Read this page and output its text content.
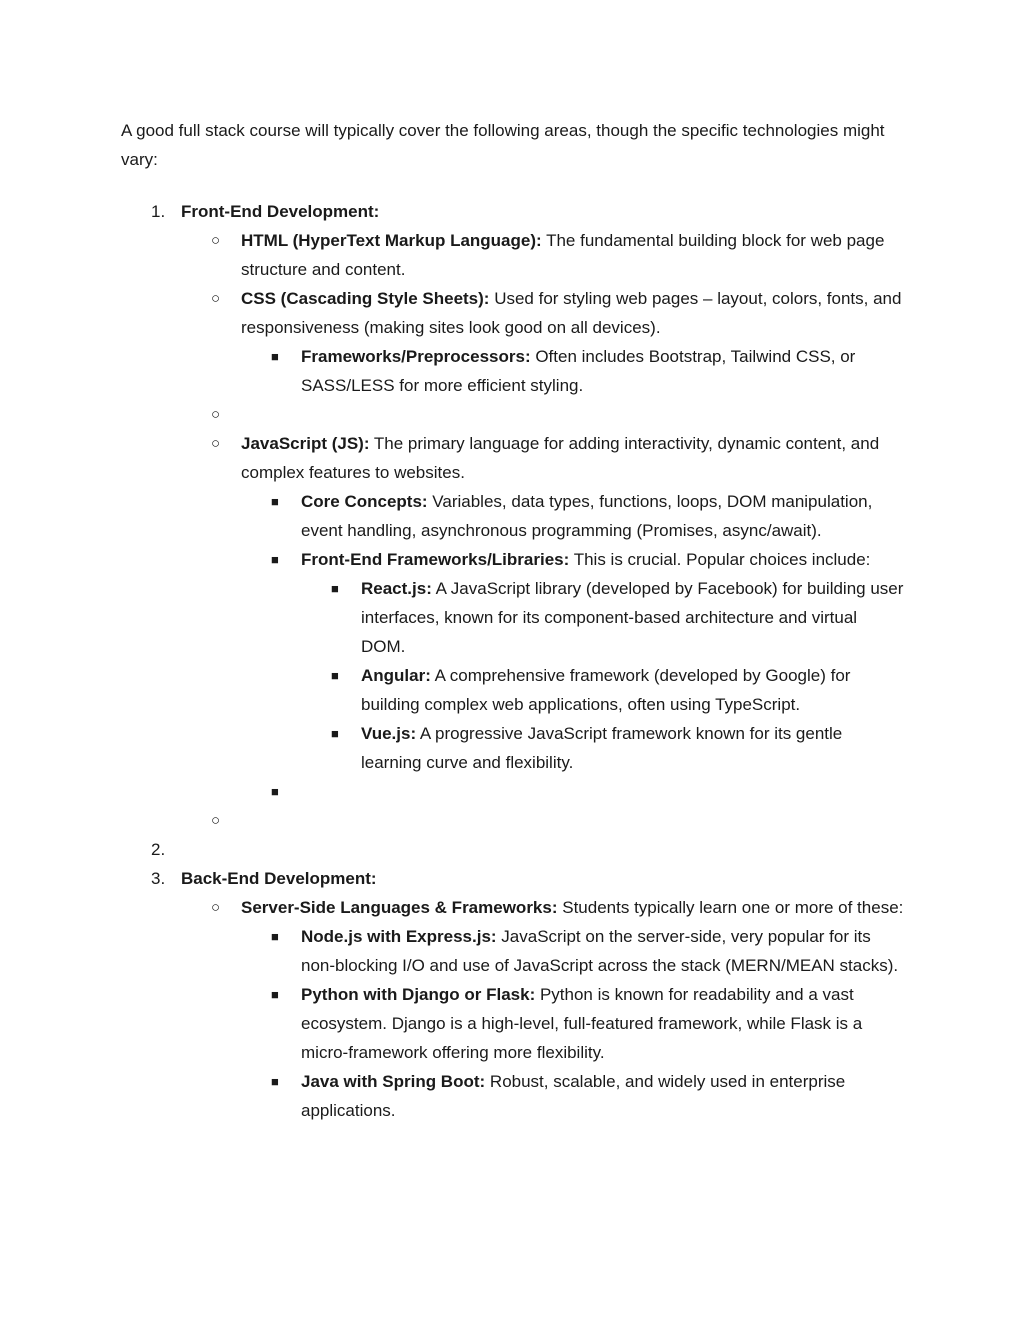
A good full stack course will typically cover the following areas, though the specific technologies might vary:
1. Front-End Development:
○ HTML (HyperText Markup Language): The fundamental building block for web page structure and content.
○ CSS (Cascading Style Sheets): Used for styling web pages – layout, colors, fonts, and responsiveness (making sites look good on all devices).
■ Frameworks/Preprocessors: Often includes Bootstrap, Tailwind CSS, or SASS/LESS for more efficient styling.
○
○ JavaScript (JS): The primary language for adding interactivity, dynamic content, and complex features to websites.
■ Core Concepts: Variables, data types, functions, loops, DOM manipulation, event handling, asynchronous programming (Promises, async/await).
■ Front-End Frameworks/Libraries: This is crucial. Popular choices include:
■ React.js: A JavaScript library (developed by Facebook) for building user interfaces, known for its component-based architecture and virtual DOM.
■ Angular: A comprehensive framework (developed by Google) for building complex web applications, often using TypeScript.
■ Vue.js: A progressive JavaScript framework known for its gentle learning curve and flexibility.
■
○
2.
3. Back-End Development:
○ Server-Side Languages & Frameworks: Students typically learn one or more of these:
■ Node.js with Express.js: JavaScript on the server-side, very popular for its non-blocking I/O and use of JavaScript across the stack (MERN/MEAN stacks).
■ Python with Django or Flask: Python is known for readability and a vast ecosystem. Django is a high-level, full-featured framework, while Flask is a micro-framework offering more flexibility.
■ Java with Spring Boot: Robust, scalable, and widely used in enterprise applications.
